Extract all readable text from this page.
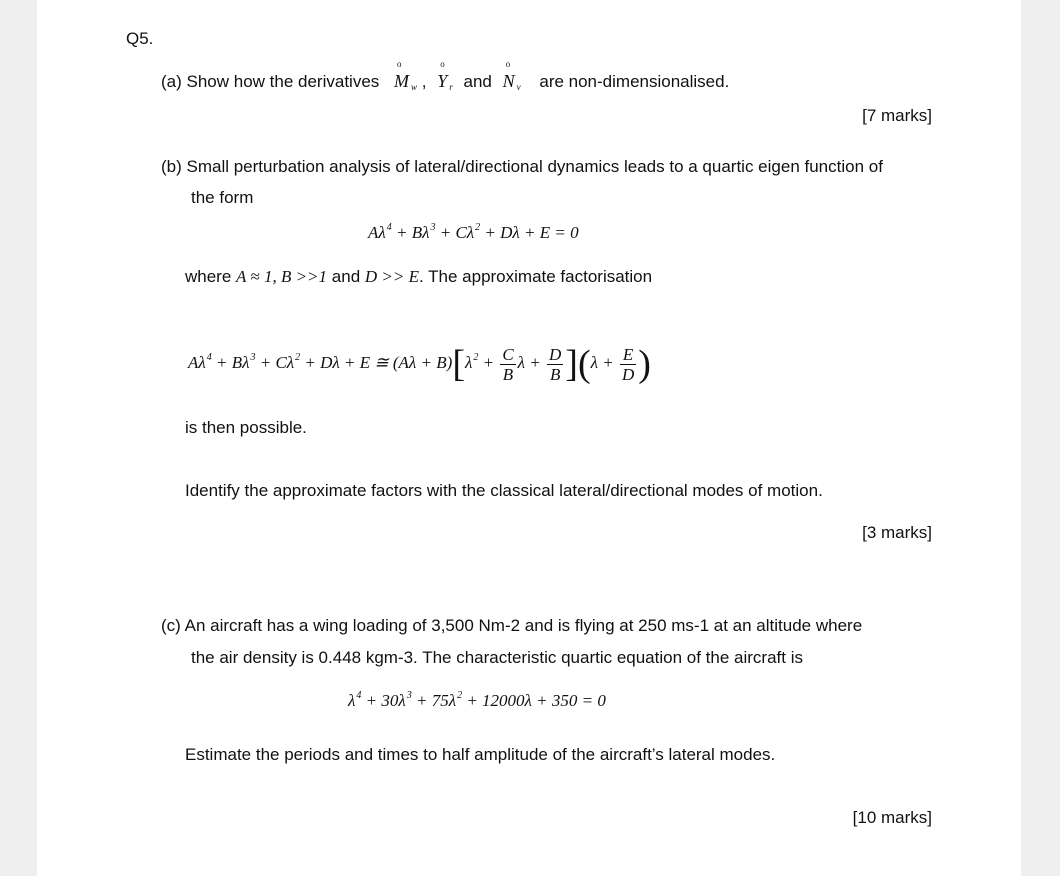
Q5.
(a) Show how the derivatives
o
M $_w$ ,
o
Y $_r$ and
o
N $_v$ are non-dimensionalised.
[7 marks]
(b) Small perturbation analysis of lateral/directional dynamics leads to a quartic eigen function of
the form
$A\lambda^4 + B\lambda^3 + C\lambda^2 + D\lambda + E = 0$
where A ≈ 1, B >>1 and D >> E. The approximate factorisation
$A\lambda^4 + B\lambda^3 + C\lambda^2 + D\lambda + E$ ≅ $(A\lambda + B)[\lambda^2 + \frac{C}{B}$ $\lambda + \frac{D}{B} ](\lambda + \frac{E}{D}$ )
is then possible.
Identify the approximate factors with the classical lateral/directional modes of motion.
[3 marks]
(c) An aircraft has a wing loading of 3,500 Nm-2 and is flying at 250 ms-1 at an altitude where
the air density is 0.448 kgm-3. The characteristic quartic equation of the aircraft is
$\lambda^4 + 30\lambda^3 + 75\lambda^2 + 12000\lambda + 350 = 0$
Estimate the periods and times to half amplitude of the aircraft’s lateral modes.
[10 marks]
